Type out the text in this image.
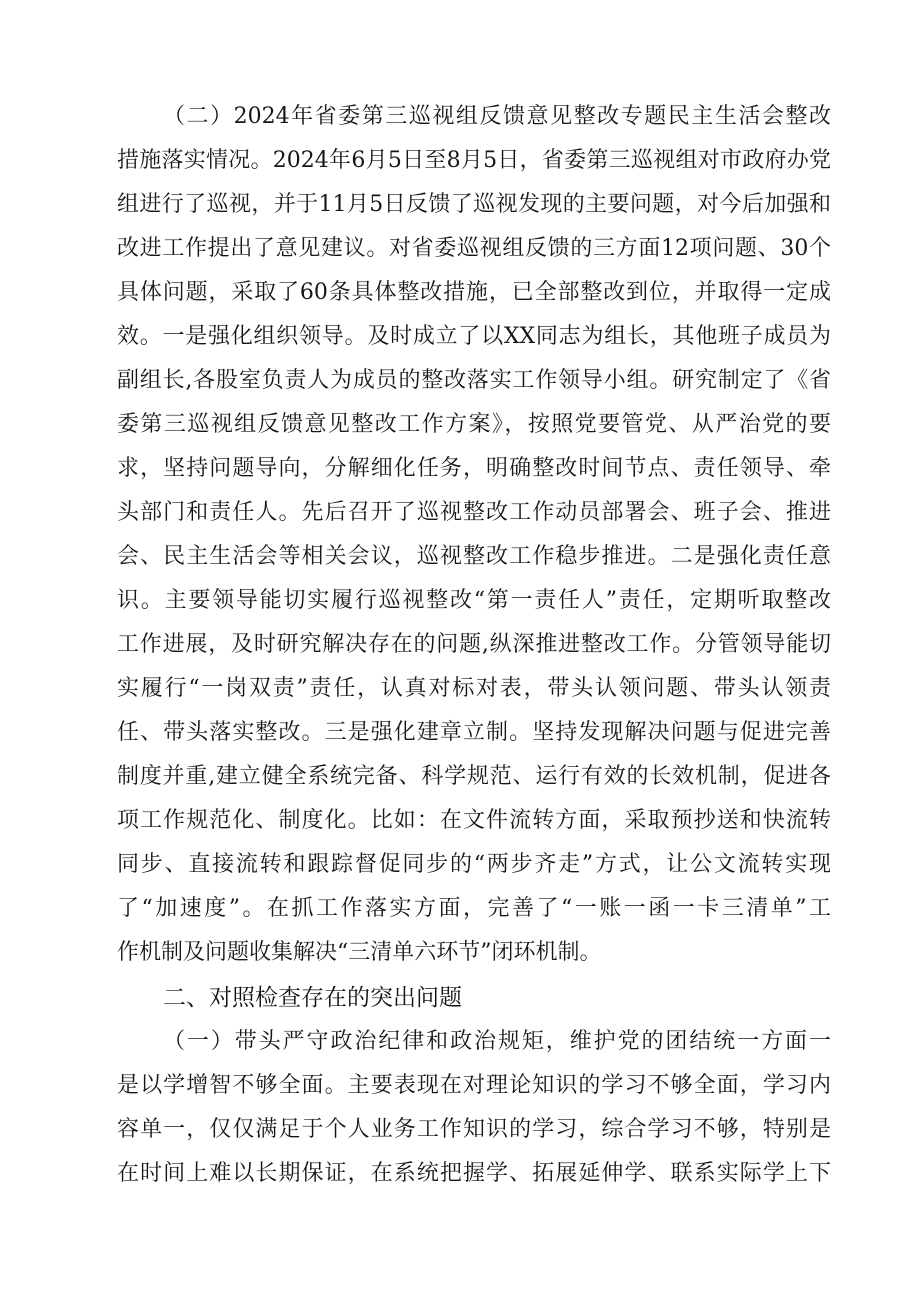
（二）2024年省委第三巡视组反馈意见整改专题民主生活会整改
措施落实情况。2024年6月5日至8月5日，省委第三巡视组对市政府办党
组进行了巡视，并于11月5日反馈了巡视发现的主要问题，对今后加强和
改进工作提出了意见建议。对省委巡视组反馈的三方面12项问题、30个
具体问题，采取了60条具体整改措施，已全部整改到位，并取得一定成
效。一是强化组织领导。及时成立了以XX同志为组长，其他班子成员为
副组长,各股室负责人为成员的整改落实工作领导小组。研究制定了《省
委第三巡视组反馈意见整改工作方案》，按照党要管党、从严治党的要
求，坚持问题导向，分解细化任务，明确整改时间节点、责任领导、牵
头部门和责任人。先后召开了巡视整改工作动员部署会、班子会、推进
会、民主生活会等相关会议，巡视整改工作稳步推进。二是强化责任意
识。主要领导能切实履行巡视整改“第一责任人”责任，定期听取整改
工作进展，及时研究解决存在的问题,纵深推进整改工作。分管领导能切
实履行“一岗双责”责任，认真对标对表，带头认领问题、带头认领责
任、带头落实整改。三是强化建章立制。坚持发现解决问题与促进完善
制度并重,建立健全系统完备、科学规范、运行有效的长效机制，促进各
项工作规范化、制度化。比如：在文件流转方面，采取预抄送和快流转
同步、直接流转和跟踪督促同步的“两步齐走”方式，让公文流转实现
了“加速度”。在抓工作落实方面，完善了“一账一函一卡三清单”工
作机制及问题收集解决“三清单六环节”闭环机制。
二、对照检查存在的突出问题
（一）带头严守政治纪律和政治规矩，维护党的团结统一方面一
是以学增智不够全面。主要表现在对理论知识的学习不够全面，学习内
容单一，仅仅满足于个人业务工作知识的学习，综合学习不够，特别是
在时间上难以长期保证，在系统把握学、拓展延伸学、联系实际学上下
